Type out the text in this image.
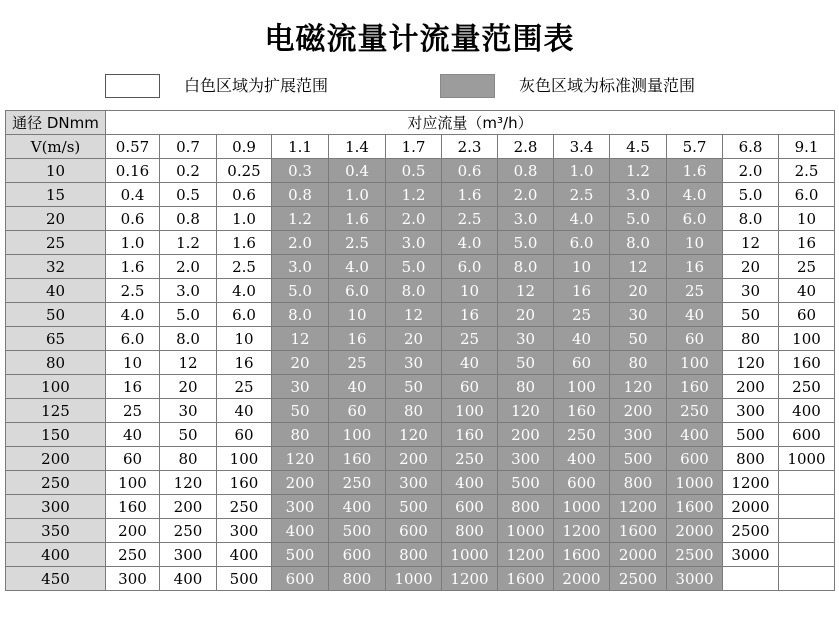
电磁流量计流量范围表
白色区域为扩展范围	灰色区域为标准测量范围
通径 DNmm	对应流量（m³/h）												
V(m/s)	0.57	0.7	0.9	1.1	1.4	1.7	2.3	2.8	3.4	4.5	5.7	6.8	9.1
10	0.16	0.2	0.25	0.3	0.4	0.5	0.6	0.8	1.0	1.2	1.6	2.0	2.5
15	0.4	0.5	0.6	0.8	1.0	1.2	1.6	2.0	2.5	3.0	4.0	5.0	6.0
20	0.6	0.8	1.0	1.2	1.6	2.0	2.5	3.0	4.0	5.0	6.0	8.0	10
25	1.0	1.2	1.6	2.0	2.5	3.0	4.0	5.0	6.0	8.0	10	12	16
32	1.6	2.0	2.5	3.0	4.0	5.0	6.0	8.0	10	12	16	20	25
40	2.5	3.0	4.0	5.0	6.0	8.0	10	12	16	20	25	30	40
50	4.0	5.0	6.0	8.0	10	12	16	20	25	30	40	50	60
65	6.0	8.0	10	12	16	20	25	30	40	50	60	80	100
80	10	12	16	20	25	30	40	50	60	80	100	120	160
100	16	20	25	30	40	50	60	80	100	120	160	200	250
125	25	30	40	50	60	80	100	120	160	200	250	300	400
150	40	50	60	80	100	120	160	200	250	300	400	500	600
200	60	80	100	120	160	200	250	300	400	500	600	800	1000
250	100	120	160	200	250	300	400	500	600	800	1000	1200	
300	160	200	250	300	400	500	600	800	1000	1200	1600	2000	
350	200	250	300	400	500	600	800	1000	1200	1600	2000	2500	
400	250	300	400	500	600	800	1000	1200	1600	2000	2500	3000	
450	300	400	500	600	800	1000	1200	1600	2000	2500	3000		
